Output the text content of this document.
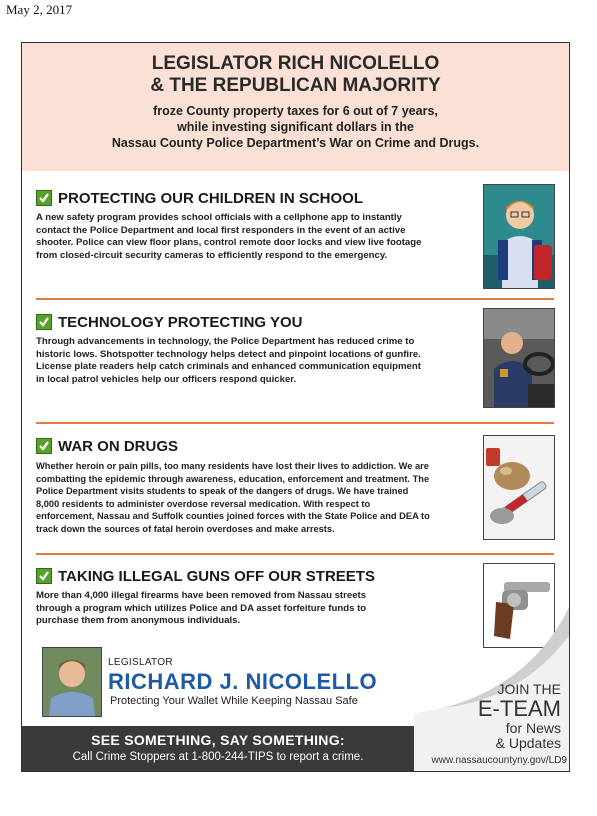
May 2, 2017
LEGISLATOR RICH NICOLELLO
& THE REPUBLICAN MAJORITY
froze County property taxes for 6 out of 7 years,
while investing significant dollars in the
Nassau County Police Department’s War on Crime and Drugs.
PROTECTING OUR CHILDREN IN SCHOOL
A new safety program provides school officials with a cellphone app to instantly contact the Police Department and local first responders in the event of an active shooter. Police can view floor plans, control remote door locks and view live footage from closed-circuit security cameras to efficiently respond to the emergency.
TECHNOLOGY PROTECTING YOU
Through advancements in technology, the Police Department has reduced crime to historic lows. Shotspotter technology helps detect and pinpoint locations of gunfire. License plate readers help catch criminals and enhanced communication equipment in local patrol vehicles help our officers respond quicker.
WAR ON DRUGS
Whether heroin or pain pills, too many residents have lost their lives to addiction. We are combatting the epidemic through awareness, education, enforcement and treatment. The Police Department visits students to speak of the dangers of drugs. We have trained 8,000 residents to administer overdose reversal medication. With respect to enforcement, Nassau and Suffolk counties joined forces with the State Police and DEA to track down the sources of fatal heroin overdoses and make arrests.
TAKING ILLEGAL GUNS OFF OUR STREETS
More than 4,000 illegal firearms have been removed from Nassau streets through a program which utilizes Police and DA asset forfeiture funds to purchase them from anonymous individuals.
JOIN THE
E-TEAM
for News
& Updates
www.nassaucountyny.gov/LD9
LEGISLATOR
RICHARD J. NICOLELLO
Protecting Your Wallet While Keeping Nassau Safe
SEE SOMETHING, SAY SOMETHING:
Call Crime Stoppers at 1-800-244-TIPS to report a crime.
